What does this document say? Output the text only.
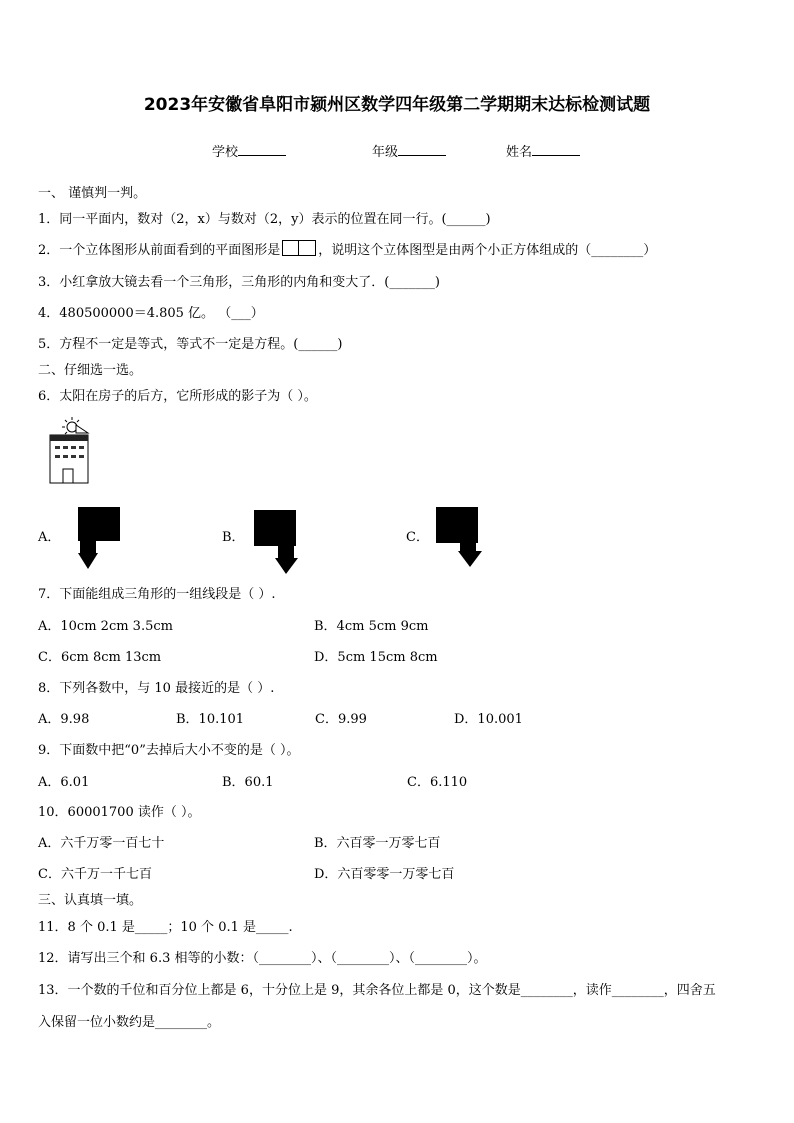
2023年安徽省阜阳市颍州区数学四年级第二学期期末达标检测试题
学校	年级	姓名
一、 谨慎判一判。
1．同一平面内，数对（2，x）与数对（2，y）表示的位置在同一行。(______)
2．一个立体图形从前面看到的平面图形是	，说明这个立体图型是由两个小正方体组成的（________）
3．小红拿放大镜去看一个三角形，三角形的内角和变大了．(_______)
4．480500000＝4.805 亿。 （___）
5．方程不一定是等式，等式不一定是方程。(______)
二、仔细选一选。
6．太阳在房子的后方，它所形成的影子为（ ）。
A．	B．	C．
7．下面能组成三角形的一组线段是（ ）.
A．10cm 2cm 3.5cm	B．4cm 5cm 9cm
C．6cm 8cm 13cm	D．5cm 15cm 8cm
8．下列各数中，与 10 最接近的是（ ）.
A．9.98	B．10.101	C．9.99	D．10.001
9．下面数中把“0”去掉后大小不变的是（ ）。
A．6.01	B．60.1	C．6.110
10．60001700 读作（ ）。
A．六千万零一百七十	B．六百零一万零七百
C．六千万一千七百	D．六百零零一万零七百
三、认真填一填。
11．8 个 0.1 是_____；10 个 0.1 是_____.
12．请写出三个和 6.3 相等的小数：（________）、（________）、（________）。
13．一个数的千位和百分位上都是 6，十分位上是 9，其余各位上都是 0，这个数是________，读作________，四舍五
入保留一位小数约是________。
